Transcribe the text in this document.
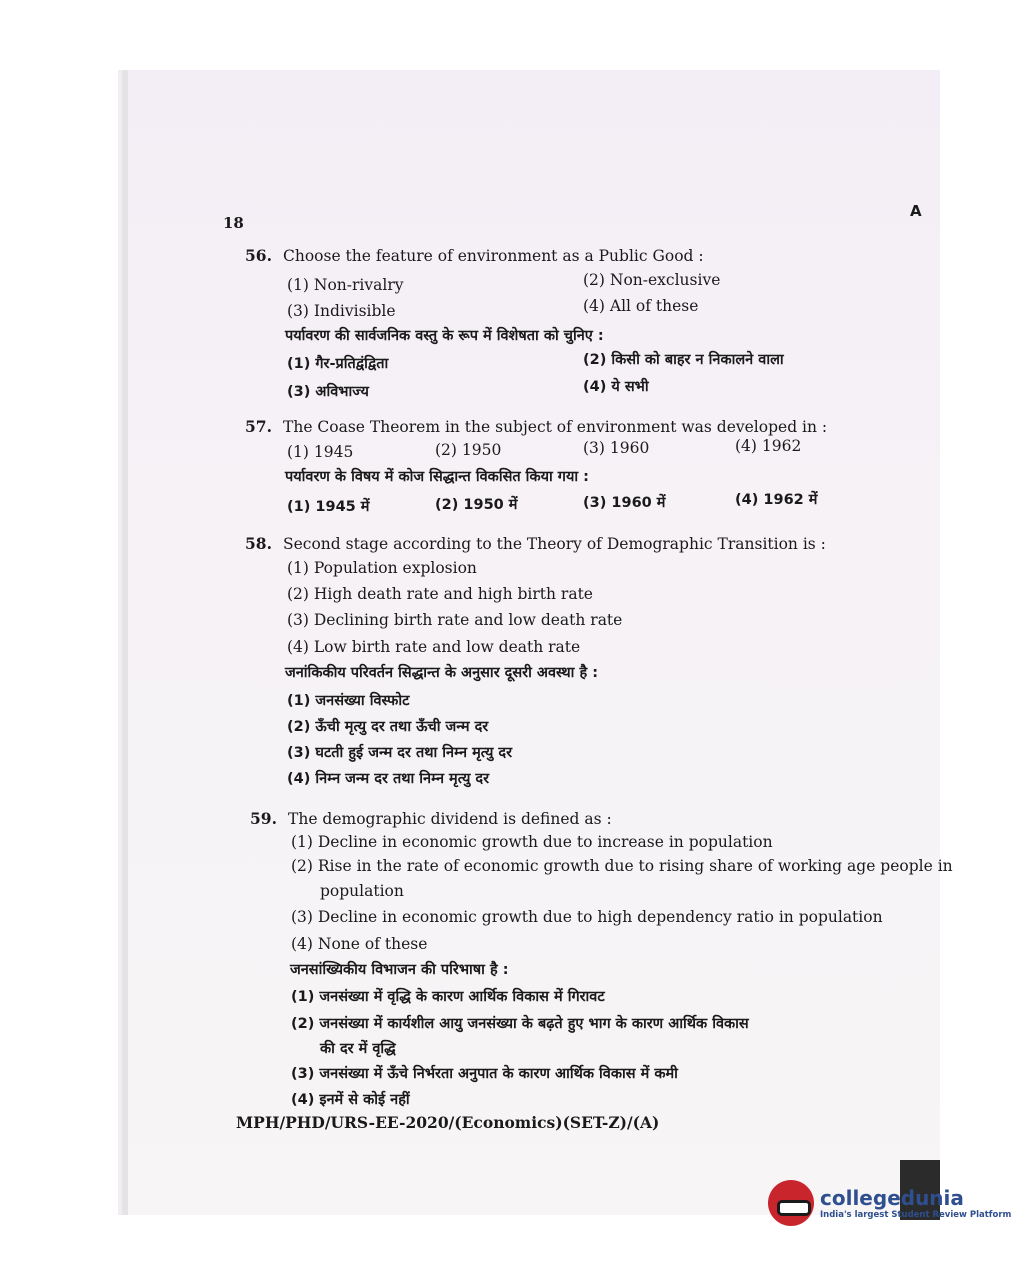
18
A
56. Choose the feature of environment as a Public Good :
(1) Non-rivalry	(2) Non-exclusive
(3) Indivisible	(4) All of these
पर्यावरण की सार्वजनिक वस्तु के रूप में विशेषता को चुनिए :
(1) गैर-प्रतिद्वंद्विता	(2) किसी को बाहर न निकालने वाला
(3) अविभाज्य	(4) ये सभी
57. The Coase Theorem in the subject of environment was developed in :
(1) 1945	(2) 1950	(3) 1960	(4) 1962
पर्यावरण के विषय में कोज सिद्धान्त विकसित किया गया :
(1) 1945 में	(2) 1950 में	(3) 1960 में	(4) 1962 में
58. Second stage according to the Theory of Demographic Transition is :
(1) Population explosion
(2) High death rate and high birth rate
(3) Declining birth rate and low death rate
(4) Low birth rate and low death rate
जनांकिकीय परिवर्तन सिद्धान्त के अनुसार दूसरी अवस्था है :
(1) जनसंख्या विस्फोट
(2) ऊँची मृत्यु दर तथा ऊँची जन्म दर
(3) घटती हुई जन्म दर तथा निम्न मृत्यु दर
(4) निम्न जन्म दर तथा निम्न मृत्यु दर
59. The demographic dividend is defined as :
(1) Decline in economic growth due to increase in population
(2) Rise in the rate of economic growth due to rising share of working age people in
population
(3) Decline in economic growth due to high dependency ratio in population
(4) None of these
जनसांख्यिकीय विभाजन की परिभाषा है :
(1) जनसंख्या में वृद्धि के कारण आर्थिक विकास में गिरावट
(2) जनसंख्या में कार्यशील आयु जनसंख्या के बढ़ते हुए भाग के कारण आर्थिक विकास
की दर में वृद्धि
(3) जनसंख्या में ऊँचे निर्भरता अनुपात के कारण आर्थिक विकास में कमी
(4) इनमें से कोई नहीं
MPH/PHD/URS-EE-2020/(Economics)(SET-Z)/(A)
collegedunia
India's largest Student Review Platform
